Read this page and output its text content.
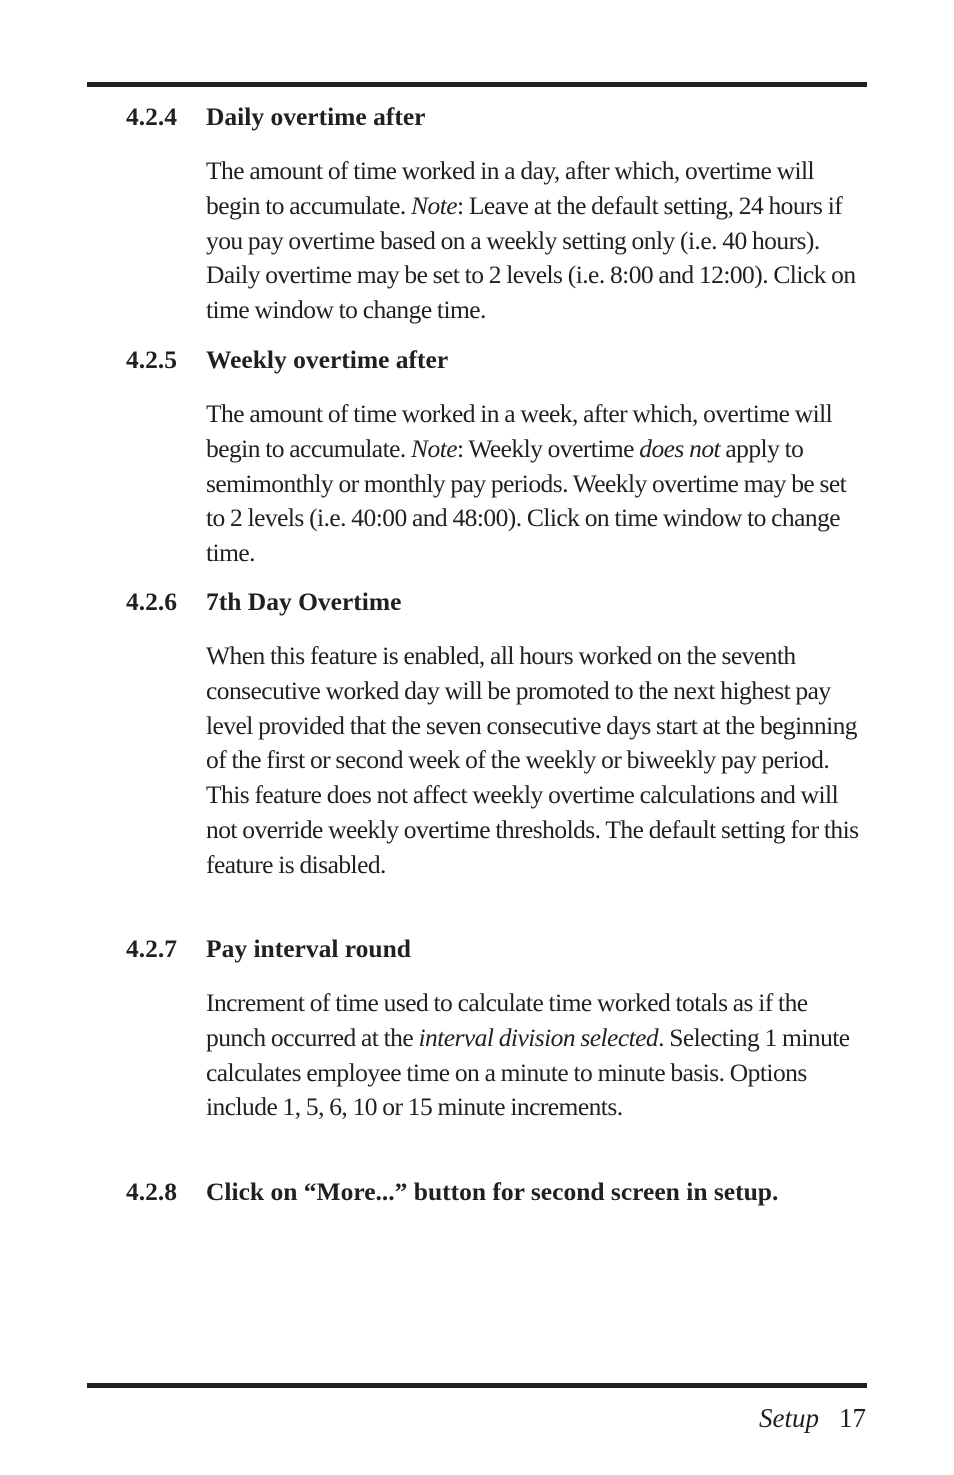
4.2.4	Daily overtime after

The amount of time worked in a day, after which, overtime will begin to accumulate. Note: Leave at the default setting, 24 hours if you pay overtime based on a weekly setting only (i.e. 40 hours). Daily overtime may be set to 2 levels (i.e. 8:00 and 12:00). Click on time window to change time.

4.2.5	Weekly overtime after

The amount of time worked in a week, after which, overtime will begin to accumulate. Note: Weekly overtime does not apply to semimonthly or monthly pay periods. Weekly overtime may be set to 2 levels (i.e. 40:00 and 48:00). Click on time window to change time.

4.2.6	7th Day Overtime

When this feature is enabled, all hours worked on the seventh consecutive worked day will be promoted to the next highest pay level provided that the seven consecutive days start at the beginning of the first or second week of the weekly or biweekly pay period. This feature does not affect weekly overtime calculations and will not override weekly overtime thresholds. The default setting for this feature is disabled.

4.2.7	Pay interval round

Increment of time used to calculate time worked totals as if the punch occurred at the interval division selected. Selecting 1 minute calculates employee time on a minute to minute basis. Options include 1, 5, 6, 10 or 15 minute increments.

4.2.8	Click on “More...” button for second screen in setup.
Setup 17
